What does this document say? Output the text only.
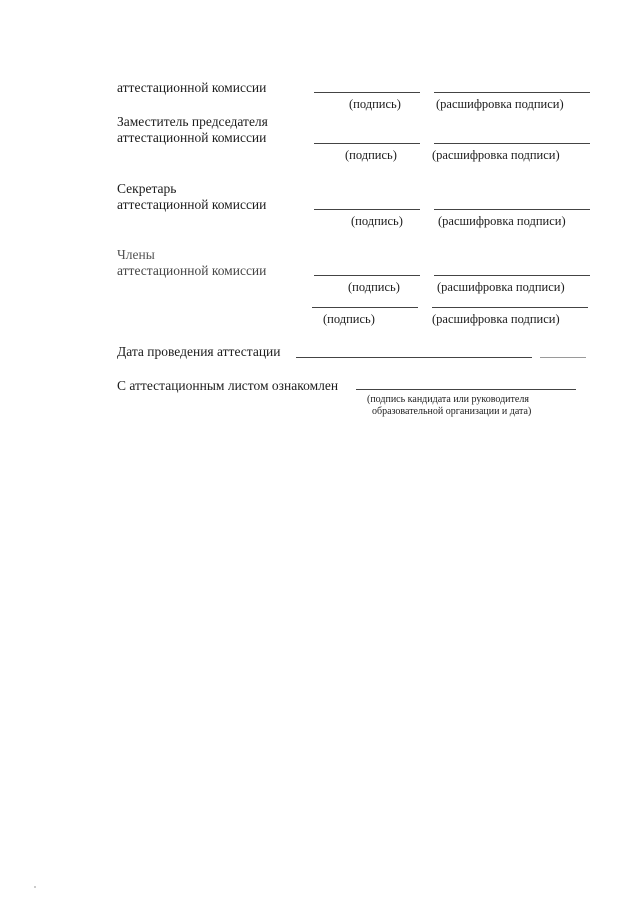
аттестационной комиссии
(подпись)	(расшифровка подписи)
Заместитель председателя
аттестационной комиссии
(подпись)	(расшифровка подписи)
Секретарь
аттестационной комиссии
(подпись)	(расшифровка подписи)
Члены
аттестационной комиссии
(подпись)	(расшифровка подписи)
(подпись)	(расшифровка подписи)
Дата проведения аттестации
С аттестационным листом ознакомлен
(подпись кандидата или руководителя
образовательной организации и дата)
